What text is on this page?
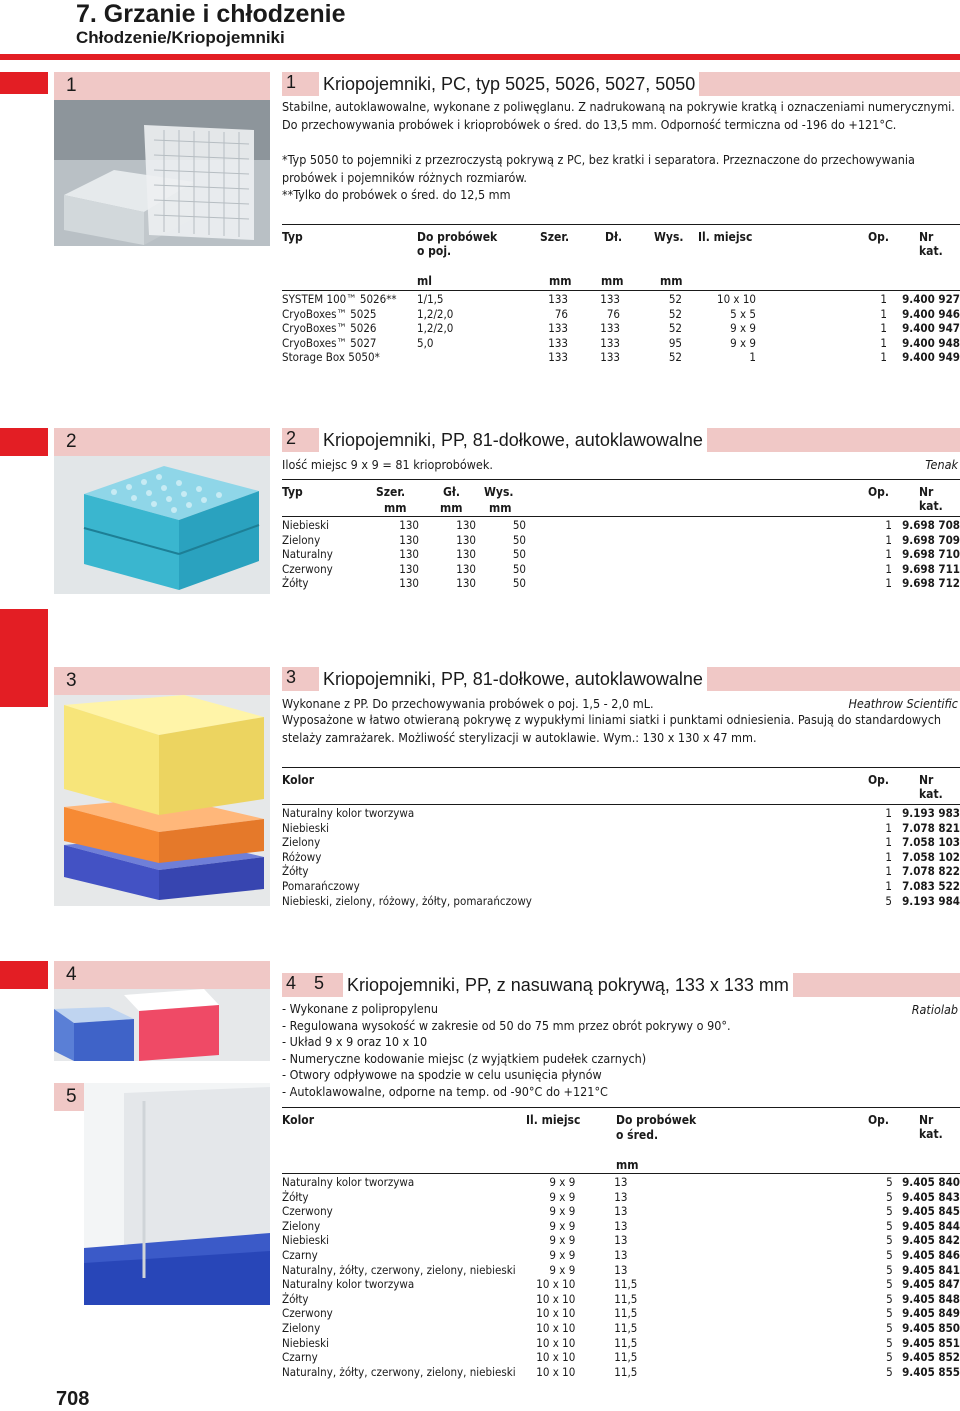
7. Grzanie i chłodzenie
Chłodzenie/Kriopojemniki
1	1 Kriopojemniki, PC, typ 5025, 5026, 5027, 5050
Stabilne, autoklawowalne, wykonane z poliwęglanu. Z nadrukowaną na pokrywie kratką i oznaczeniami numerycznymi.
Do przechowywania probówek i krioprobówek o śred. do 13,5 mm. Odporność termiczna od -196 do +121°C.
*Typ 5050 to pojemniki z przezroczystą pokrywą z PC, bez kratki i separatora. Przeznaczone do przechowywania
probówek i pojemników różnych rozmiarów.
**Tylko do probówek o śred. do 12,5 mm
Typ	Do probówek
o poj.
Szer.	Dł.	Wys. Il. miejsc	Op. Nr kat.
ml	mm mm	mm
SYSTEM 100™ 5026**	1/1,5	133	133	52	10 x 10	1	9.400 927
CryoBoxes™ 5025	1,2/2,0	76	76	52	5 x 5	1	9.400 946
CryoBoxes™ 5026	1,2/2,0	133	133	52	9 x 9	1	9.400 947
CryoBoxes™ 5027	5,0	133	133	95	9 x 9	1	9.400 948
Storage Box 5050*		133	133	52	1	1	9.400 949
2	2 Kriopojemniki, PP, 81-dołkowe, autoklawowalne
Ilość miejsc 9 x 9 = 81 krioprobówek.	Tenak
Typ	Szer.	Gł. Wys.	Op. Nr kat.
mm	mm mm
Niebieski	130	130	50	1	9.698 708
Zielony	130	130	50	1	9.698 709
Naturalny	130	130	50	1	9.698 710
Czerwony	130	130	50	1	9.698 711
Żółty	130	130	50	1	9.698 712
3	3 Kriopojemniki, PP, 81-dołkowe, autoklawowalne
Wykonane z PP. Do przechowywania probówek o poj. 1,5 - 2,0 mL.	Heathrow Scientific
Wyposażone w łatwo otwieraną pokrywę z wypukłymi liniami siatki i punktami odniesienia. Pasują do standardowych
stelaży zamrażarek. Możliwość sterylizacji w autoklawie. Wym.: 130 x 130 x 47 mm.
Kolor	Op. Nr kat.
Naturalny kolor tworzywa	1	9.193 983
Niebieski	1	7.078 821
Zielony	1	7.058 103
Różowy	1	7.058 102
Żółty	1	7.078 822
Pomarańczowy	1	7.083 522
Niebieski, zielony, różowy, żółty, pomarańczowy	5	9.193 984
4
5
4 5 Kriopojemniki, PP, z nasuwaną pokrywą, 133 x 133 mm
Ratiolab
- Wykonane z polipropylenu
- Regulowana wysokość w zakresie od 50 do 75 mm przez obrót pokrywy o 90°.
- Układ 9 x 9 oraz 10 x 10
- Numeryczne kodowanie miejsc (z wyjątkiem pudełek czarnych)
- Otwory odpływowe na spodzie w celu usunięcia płynów
- Autoklawowalne, odporne na temp. od -90°C do +121°C
Kolor	Il. miejsc	Do probówek
o śred.
Op. Nr kat.
mm
Naturalny kolor tworzywa	9 x 9	13	5	9.405 840
Żółty	9 x 9	13	5	9.405 843
Czerwony	9 x 9	13	5	9.405 845
Zielony	9 x 9	13	5	9.405 844
Niebieski	9 x 9	13	5	9.405 842
Czarny	9 x 9	13	5	9.405 846
Naturalny, żółty, czerwony, zielony, niebieski	9 x 9	13	5	9.405 841
Naturalny kolor tworzywa	10 x 10	11,5	5	9.405 847
Żółty	10 x 10	11,5	5	9.405 848
Czerwony	10 x 10	11,5	5	9.405 849
Zielony	10 x 10	11,5	5	9.405 850
Niebieski	10 x 10	11,5	5	9.405 851
Czarny	10 x 10	11,5	5	9.405 852
Naturalny, żółty, czerwony, zielony, niebieski	10 x 10	11,5	5	9.405 855
708
